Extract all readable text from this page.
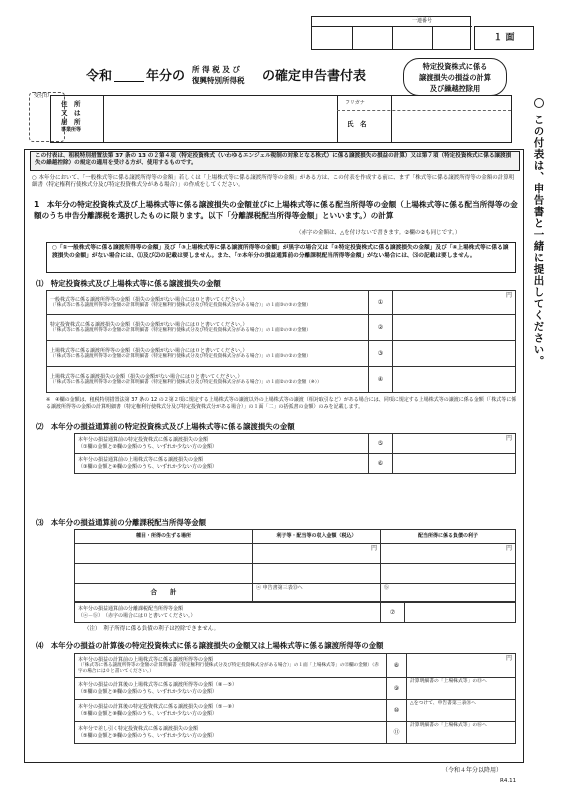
一連番号
１ 面
令和	年分の 所 得 税 及 び
復興特別所得税 の確定申告書付表
特定投資株式に係る
譲渡損失の損益の計算
及び繰越控除用
この付表は、申告書と一緒に提出してください。
受付印
住　所
又　は
居　所
事業所等
フリガナ
氏　名
この付表は、租税特別措置法第 37 条の 13 の２第４項（特定投資株式（いわゆるエンジェル税制の対象となる株式）に係る譲渡損失の損益の計算）又は第７項（特定投資株式に係る譲渡損失の繰越控除）の規定の適用を受ける方が、使用するものです。
○ 本年分において、「一般株式等に係る譲渡所得等の金額」若しくは「上場株式等に係る譲渡所得等の金額」がある方は、この付表を作成する前に、まず「株式等に係る譲渡所得等の金額の計算明細書（特定権利行使株式分及び特定投資株式分がある場合）」の作成をしてください。
1　本年分の特定投資株式及び上場株式等に係る譲渡損失の金額並びに上場株式等に係る配当所得等の金額（上場株式等に係る配当所得等の金額のうち申告分離課税を選択したものに限ります。以下「分離課税配当所得等金額」といいます。）の計算
（赤字の金額は、△を付けないで書きます。②欄の②も同じです。）
○「①一般株式等に係る譲渡所得等の金額」及び「③上場株式等に係る譲渡所得等の金額」が黒字の場合又は「②特定投資株式に係る譲渡損失の金額」及び「④上場株式等に係る譲渡損失の金額」がない場合には、⑴及び⑵の記載は要しません。また、「⑦本年分の損益通算前の分離課税配当所得等金額」がない場合には、⑶の記載は要しません。
⑴　特定投資株式及び上場株式等に係る譲渡損失の金額
一般株式等に係る譲渡所得等の金額（損失の金額がない場合には０と書いてください。）
（「株式等に係る譲渡所得等の金額の計算明細書（特定権利行使株式分及び特定投資株式分がある場合）」の１面③の⑤の金額）	①	円

特定投資株式に係る譲渡損失の金額（損失の金額がない場合には０と書いてください。）
（「株式等に係る譲渡所得等の金額の計算明細書（特定権利行使株式分及び特定投資株式分がある場合）」の１面②の⑤の金額）	②	

上場株式等に係る譲渡所得等の金額（損失の金額がない場合には０と書いてください。）
（「株式等に係る譲渡所得等の金額の計算明細書（特定権利行使株式分及び特定投資株式分がある場合）」の１面③の②の金額）	③	

上場株式等に係る譲渡損失の金額（損失の金額がない場合には０と書いてください。）
（「株式等に係る譲渡所得等の金額の計算明細書（特定権利行使株式分及び特定投資株式分がある場合）」の１面②の②の金額（※））	④	
※　④欄の金額は、租税特別措置法第 37 条の 12 の２第２項に規定する上場株式等の譲渡以外の上場株式等の譲渡（相対取引など）がある場合には、同項に規定する上場株式等の譲渡に係る金額（「株式等に係る譲渡所得等の金額の計算明細書（特定権利行使株式分及び特定投資株式分がある場合）」の１面「二」の括弧書の金額）のみを記載します。
⑵　本年分の損益通算前の特定投資株式及び上場株式等に係る譲渡損失の金額
本年分の損益通算前の特定投資株式に係る譲渡損失の金額
（①欄の金額と②欄の金額のうち、いずれか少ない方の金額）	⑤	円

本年分の損益通算前の上場株式等に係る譲渡損失の金額
（③欄の金額と④欄の金額のうち、いずれか少ない方の金額）	⑥	
⑶　本年分の損益通算前の分離課税配当所得等金額
種目・所得の生ずる場所	利子等・配当等の収入金額（税込）	配当所得に係る負債の利子

	円	円

合　　計	ⓐ 申告書第三表⑬へ	ⓑ
本年分の損益通算前の分離課税配当所得等金額
（ⓐ－ⓑ）　（赤字の場合には０と書いてください。）	⑦	
（注）　利子所得に係る負債の利子は控除できません。
⑷　本年分の損益の計算後の特定投資株式に係る譲渡損失の金額又は上場株式等に係る譲渡所得等の金額
本年分の損益の計算前の上場株式等に係る譲渡所得等の金額
（「株式等に係る譲渡所得等の金額の計算明細書（特定権利行使株式分及び特定投資株式分がある場合）」の１面「上場株式等」の⑫欄の金額）（赤字の場合には０と書いてください。）	⑧	円

本年分の損益の計算後の上場株式等に係る譲渡所得等の金額（⑧－⑤）
（⑤欄の金額と⑧欄の金額のうち、いずれか少ない方の金額）	⑨	計算明細書の「上場株式等」の⑬へ

本年分の損益の計算後の特定投資株式に係る譲渡損失の金額（⑤－⑧）
（⑤欄の金額と⑧欄の金額のうち、いずれか少ない方の金額）	⑩	△をつけて、申告書第三表㉛へ

本年分で差し引く特定投資株式に係る譲渡損失の金額
（⑤欄の金額と⑨欄の金額のうち、いずれか少ない方の金額）	⑪	計算明細書の「上場株式等」の⑯へ
（令和４年分以降用）
R4.11
